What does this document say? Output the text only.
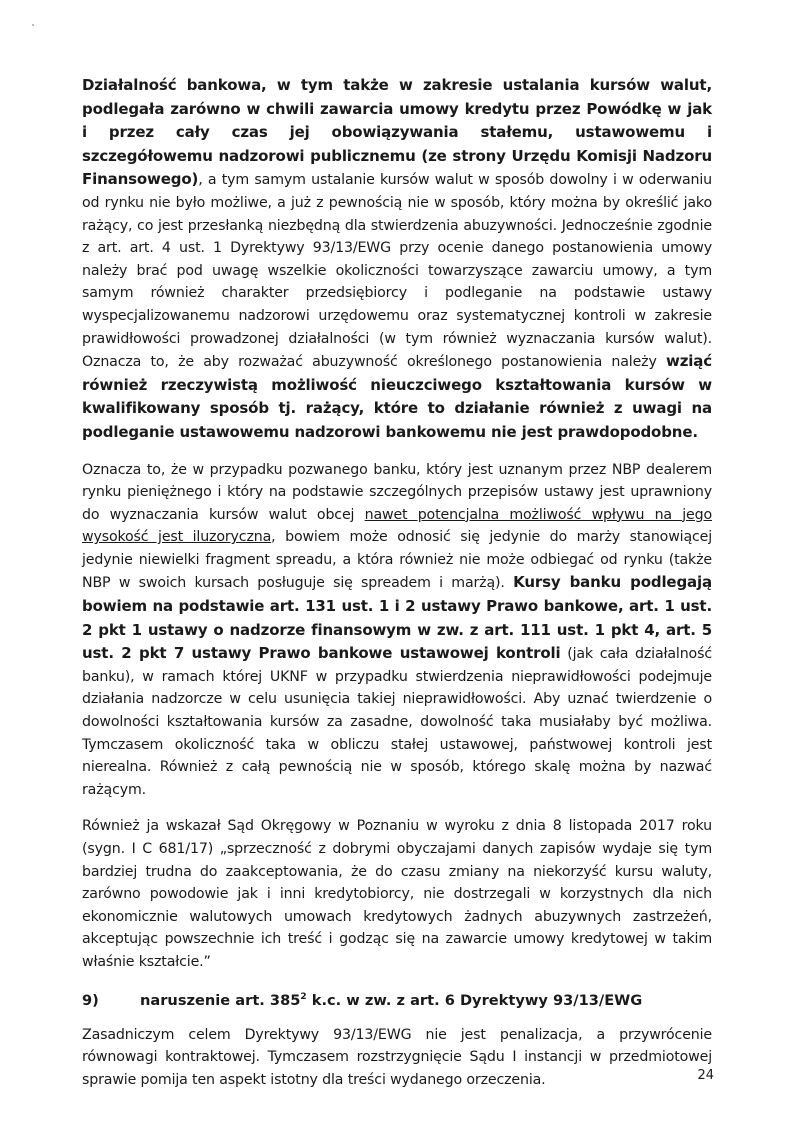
Działalność bankowa, w tym także w zakresie ustalania kursów walut, podlegała zarówno w chwili zawarcia umowy kredytu przez Powódkę w jak i przez cały czas jej obowiązywania stałemu, ustawowemu i szczegółowemu nadzorowi publicznemu (ze strony Urzędu Komisji Nadzoru Finansowego), a tym samym ustalanie kursów walut w sposób dowolny i w oderwaniu od rynku nie było możliwe, a już z pewnością nie w sposób, który można by określić jako rażący, co jest przesłanką niezbędną dla stwierdzenia abuzywności. Jednocześnie zgodnie z art. art. 4 ust. 1 Dyrektywy 93/13/EWG przy ocenie danego postanowienia umowy należy brać pod uwagę wszelkie okoliczności towarzyszące zawarciu umowy, a tym samym również charakter przedsiębiorcy i podleganie na podstawie ustawy wyspecjalizowanemu nadzorowi urzędowemu oraz systematycznej kontroli w zakresie prawidłowości prowadzonej działalności (w tym również wyznaczania kursów walut). Oznacza to, że aby rozważać abuzywność określonego postanowienia należy wziąć również rzeczywistą możliwość nieuczciwego kształtowania kursów w kwalifikowany sposób tj. rażący, które to działanie również z uwagi na podleganie ustawowemu nadzorowi bankowemu nie jest prawdopodobne.

Oznacza to, że w przypadku pozwanego banku, który jest uznanym przez NBP dealerem rynku pieniężnego i który na podstawie szczególnych przepisów ustawy jest uprawniony do wyznaczania kursów walut obcej nawet potencjalna możliwość wpływu na jego wysokość jest iluzoryczna, bowiem może odnosić się jedynie do marży stanowiącej jedynie niewielki fragment spreadu, a która również nie może odbiegać od rynku (także NBP w swoich kursach posługuje się spreadem i marżą). Kursy banku podlegają bowiem na podstawie art. 131 ust. 1 i 2 ustawy Prawo bankowe, art. 1 ust. 2 pkt 1 ustawy o nadzorze finansowym w zw. z art. 111 ust. 1 pkt 4, art. 5 ust. 2 pkt 7 ustawy Prawo bankowe ustawowej kontroli (jak cała działalność banku), w ramach której UKNF w przypadku stwierdzenia nieprawidłowości podejmuje działania nadzorcze w celu usunięcia takiej nieprawidłowości. Aby uznać twierdzenie o dowolności kształtowania kursów za zasadne, dowolność taka musiałaby być możliwa. Tymczasem okoliczność taka w obliczu stałej ustawowej, państwowej kontroli jest nierealna. Również z całą pewnością nie w sposób, którego skalę można by nazwać rażącym.

Również ja wskazał Sąd Okręgowy w Poznaniu w wyroku z dnia 8 listopada 2017 roku (sygn. I C 681/17) „sprzeczność z dobrymi obyczajami danych zapisów wydaje się tym bardziej trudna do zaakceptowania, że do czasu zmiany na niekorzyść kursu waluty, zarówno powodowie jak i inni kredytobiorcy, nie dostrzegali w korzystnych dla nich ekonomicznie walutowych umowach kredytowych żadnych abuzywnych zastrzeżeń, akceptując powszechnie ich treść i godząc się na zawarcie umowy kredytowej w takim właśnie kształcie.”

9)	naruszenie art. $385^2$ k.c. w zw. z art. 6 Dyrektywy 93/13/EWG

Zasadniczym celem Dyrektywy 93/13/EWG nie jest penalizacja, a przywrócenie równowagi kontraktowej. Tymczasem rozstrzygnięcie Sądu I instancji w przedmiotowej sprawie pomija ten aspekt istotny dla treści wydanego orzeczenia.	24
